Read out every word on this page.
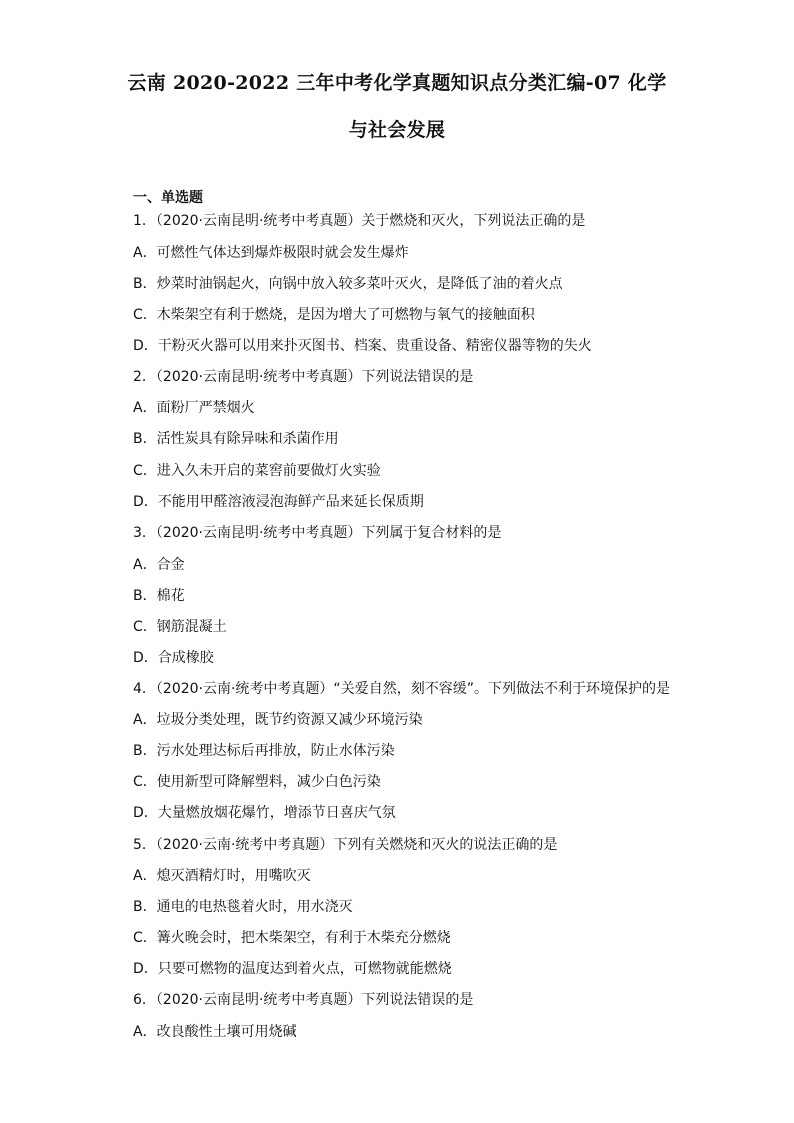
云南 2020-2022 三年中考化学真题知识点分类汇编-07 化学
与社会发展
一、单选题
1．（2020·云南昆明·统考中考真题）关于燃烧和灭火，下列说法正确的是
A．可燃性气体达到爆炸极限时就会发生爆炸
B．炒菜时油锅起火，向锅中放入较多菜叶灭火，是降低了油的着火点
C．木柴架空有利于燃烧，是因为增大了可燃物与氧气的接触面积
D．干粉灭火器可以用来扑灭图书、档案、贵重设备、精密仪器等物的失火
2．（2020·云南昆明·统考中考真题）下列说法错误的是
A．面粉厂严禁烟火
B．活性炭具有除异味和杀菌作用
C．进入久未开启的菜窖前要做灯火实验
D．不能用甲醛溶液浸泡海鲜产品来延长保质期
3．（2020·云南昆明·统考中考真题）下列属于复合材料的是
A．合金
B．棉花
C．钢筋混凝土
D．合成橡胶
4．（2020·云南·统考中考真题）“关爱自然，刻不容缓”。下列做法不利于环境保护的是
A．垃圾分类处理，既节约资源又减少环境污染
B．污水处理达标后再排放，防止水体污染
C．使用新型可降解塑料，减少白色污染
D．大量燃放烟花爆竹，增添节日喜庆气氛
5．（2020·云南·统考中考真题）下列有关燃烧和灭火的说法正确的是
A．熄灭酒精灯时，用嘴吹灭
B．通电的电热毯着火时，用水浇灭
C．篝火晚会时，把木柴架空，有利于木柴充分燃烧
D．只要可燃物的温度达到着火点，可燃物就能燃烧
6．（2020·云南昆明·统考中考真题）下列说法错误的是
A．改良酸性土壤可用烧碱
